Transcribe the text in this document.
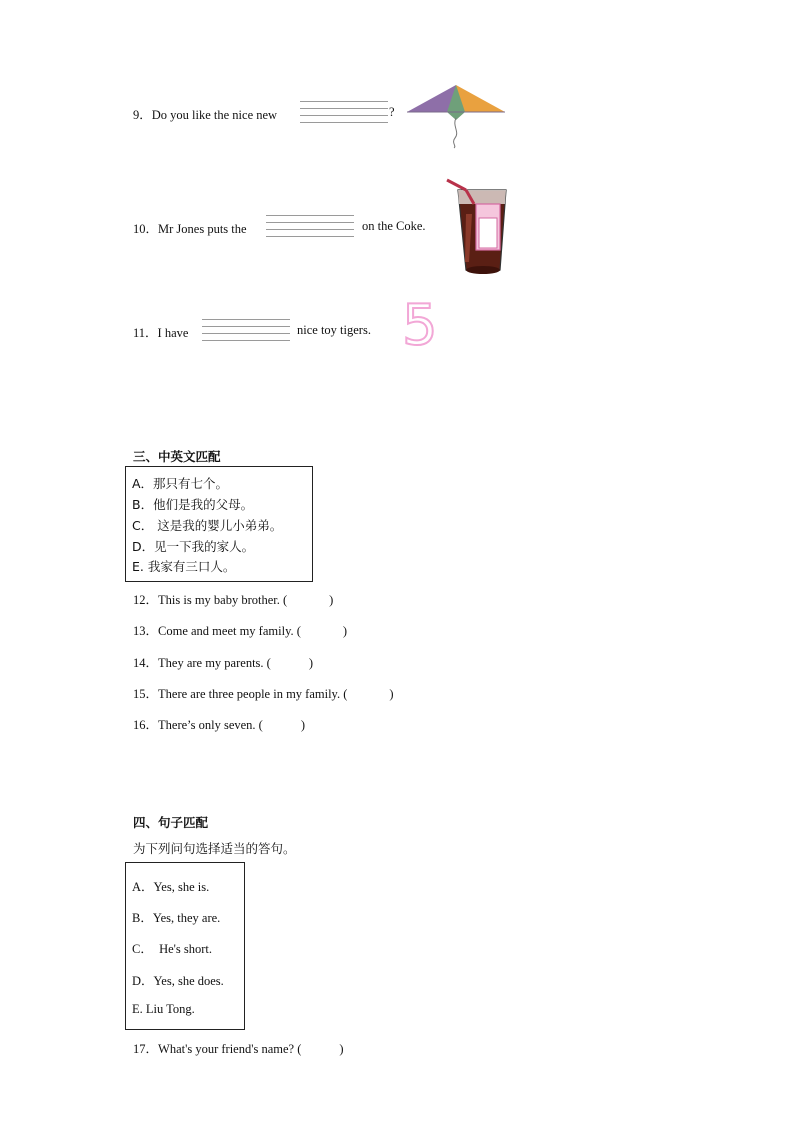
9．Do you like the nice new	?
10．Mr Jones puts the	on the Coke.
11．I have	nice toy tigers. 5
三、中英文匹配
A．那只有七个。
B．他们是我的父母。
C． 这是我的婴儿小弟弟。
D．见一下我的家人。
E. 我家有三口人。
12．This is my baby brother. (	)
13．Come and meet my family. (	)
14．They are my parents. (	)
15．There are three people in my family. (	)
16．There’s only seven. (	)
四、句子匹配
为下列问句选择适当的答句。
A．Yes, she is.
B．Yes, they are.
C．  He's short.
D．Yes, she does.
E. Liu Tong.
17．What's your friend's name? (	)
